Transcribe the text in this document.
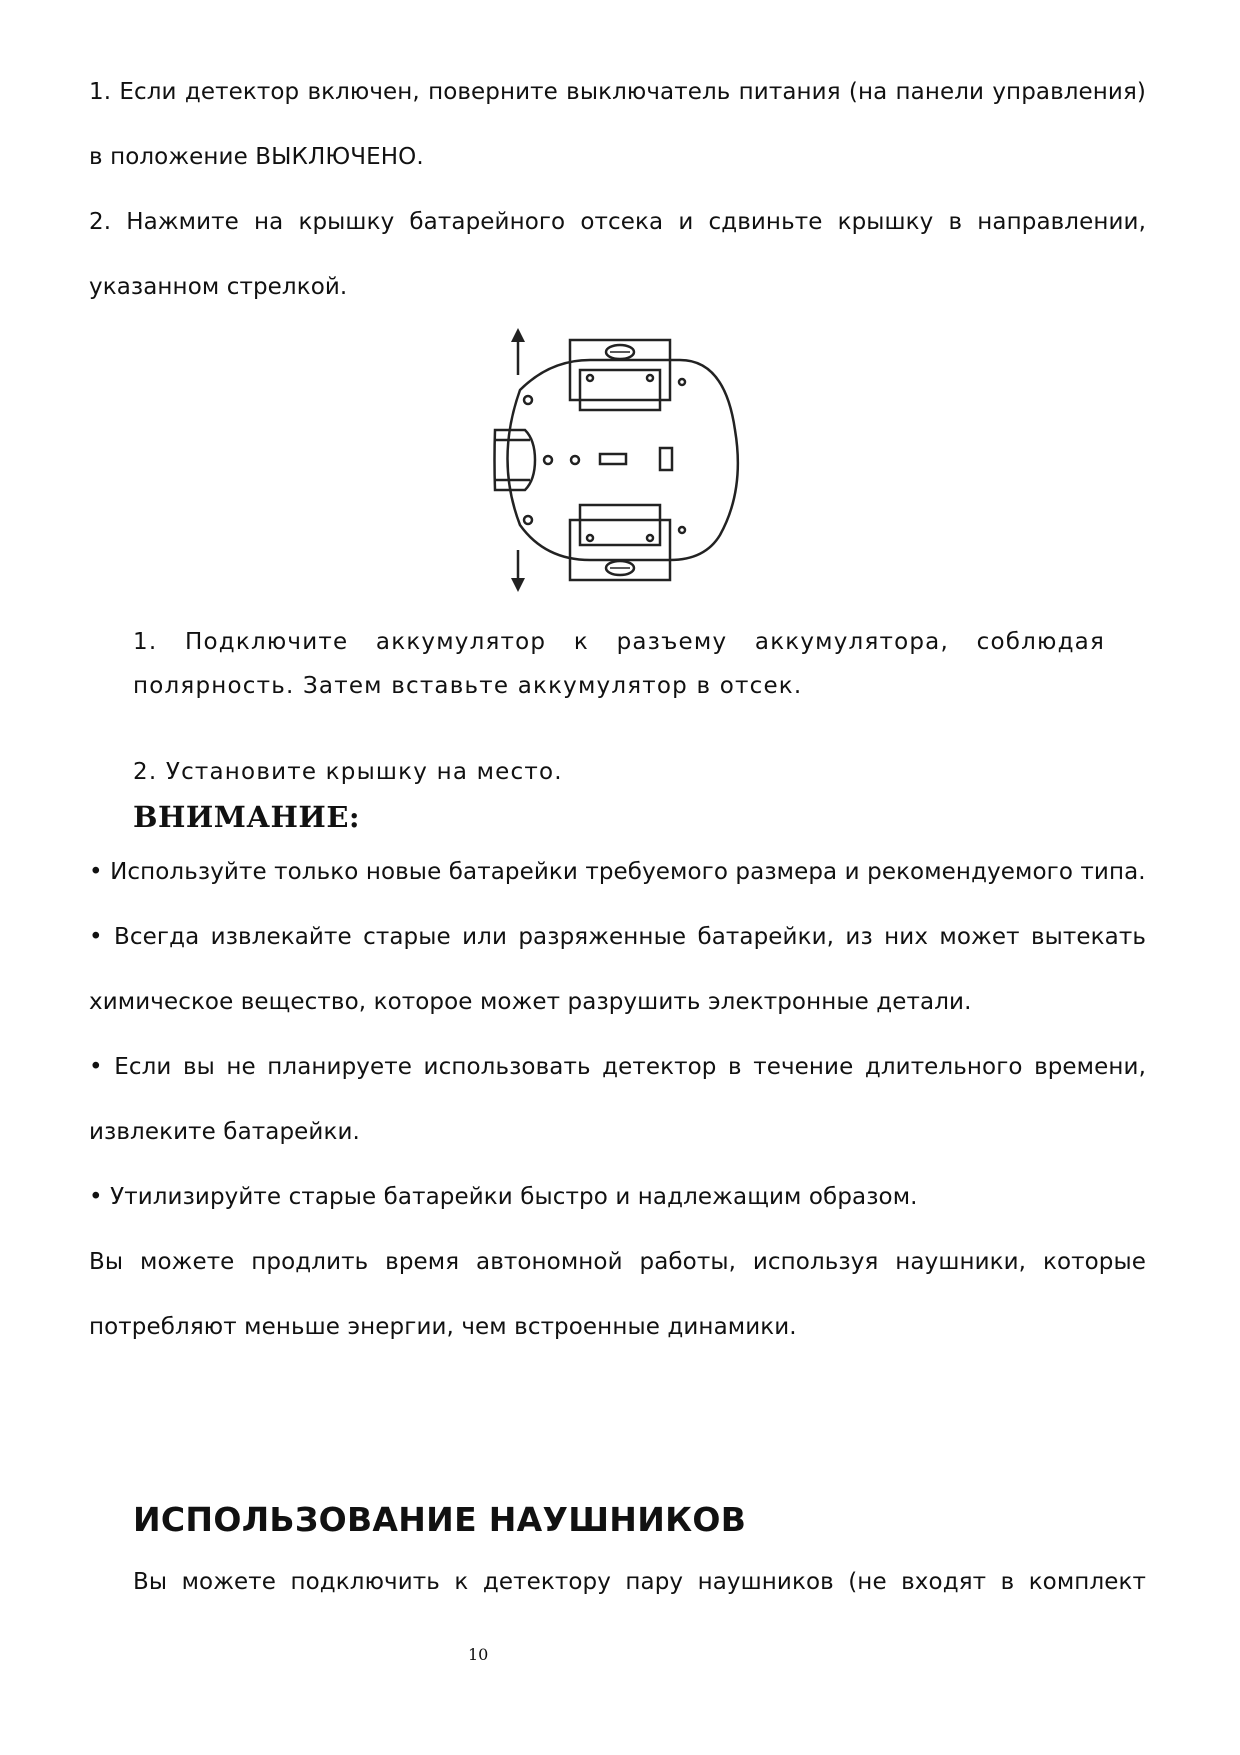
1. Если детектор включен, поверните выключатель питания (на панели управления) в положение ВЫКЛЮЧЕНО.

2. Нажмите на крышку батарейного отсека и сдвиньте крышку в направлении, указанном стрелкой.

1. Подключите аккумулятор к разъему аккумулятора, соблюдая полярность. Затем вставьте аккумулятор в отсек.

2. Установите крышку на место.

ВНИМАНИЕ:

• Используйте только новые батарейки требуемого размера и рекомендуемого типа.

• Всегда извлекайте старые или разряженные батарейки, из них может вытекать химическое вещество, которое может разрушить электронные детали.

• Если вы не планируете использовать детектор в течение длительного времени, извлеките батарейки.

• Утилизируйте старые батарейки быстро и надлежащим образом.

Вы можете продлить время автономной работы, используя наушники, которые потребляют меньше энергии, чем встроенные динамики.

ИСПОЛЬЗОВАНИЕ НАУШНИКОВ

Вы можете подключить к детектору пару наушников (не входят в комплект

10
